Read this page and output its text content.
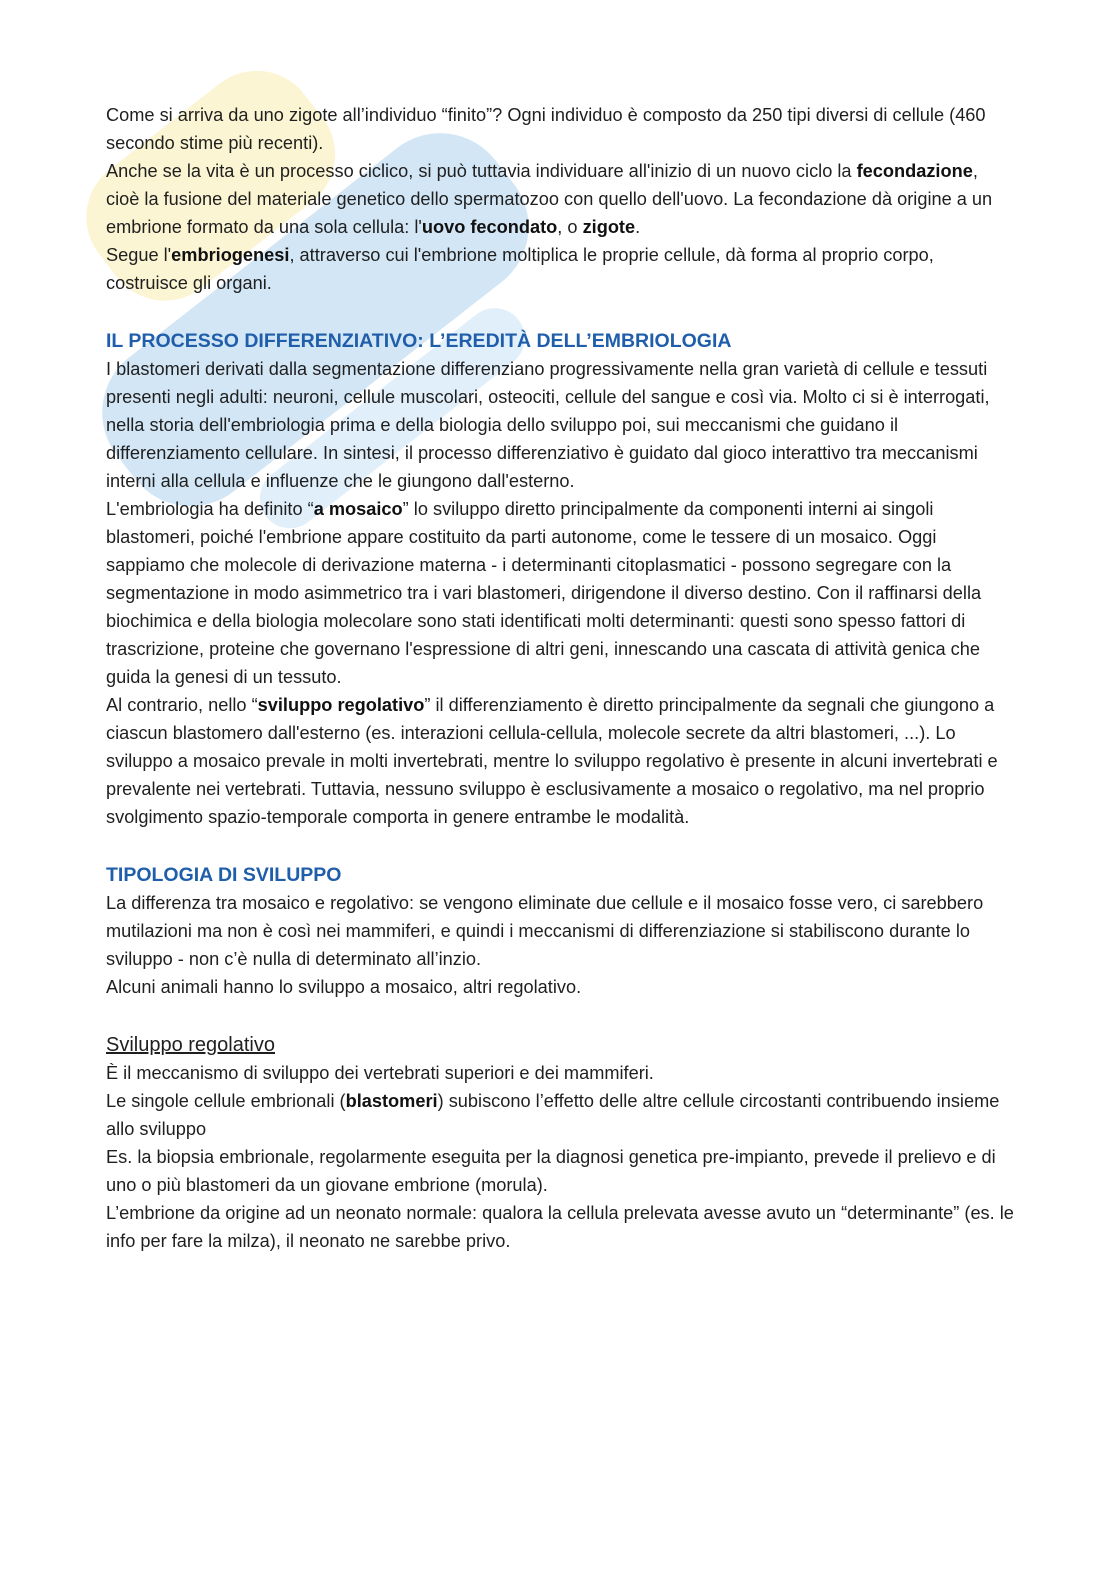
Come si arriva da uno zigote all’individuo “finito”? Ogni individuo è composto da 250 tipi diversi di cellule (460 secondo stime più recenti).

Anche se la vita è un processo ciclico, si può tuttavia individuare all'inizio di un nuovo ciclo la fecondazione, cioè la fusione del materiale genetico dello spermatozoo con quello dell'uovo. La fecondazione dà origine a un embrione formato da una sola cellula: l'uovo fecondato, o zigote.

Segue l'embriogenesi, attraverso cui l'embrione moltiplica le proprie cellule, dà forma al proprio corpo, costruisce gli organi.

IL PROCESSO DIFFERENZIATIVO: L’EREDITÀ DELL’EMBRIOLOGIA

I blastomeri derivati dalla segmentazione differenziano progressivamente nella gran varietà di cellule e tessuti presenti negli adulti: neuroni, cellule muscolari, osteociti, cellule del sangue e così via. Molto ci si è interrogati, nella storia dell'embriologia prima e della biologia dello sviluppo poi, sui meccanismi che guidano il differenziamento cellulare. In sintesi, il processo differenziativo è guidato dal gioco interattivo tra meccanismi interni alla cellula e influenze che le giungono dall'esterno.

L'embriologia ha definito “a mosaico” lo sviluppo diretto principalmente da componenti interni ai singoli blastomeri, poiché l'embrione appare costituito da parti autonome, come le tessere di un mosaico. Oggi sappiamo che molecole di derivazione materna - i determinanti citoplasmatici - possono segregare con la segmentazione in modo asimmetrico tra i vari blastomeri, dirigendone il diverso destino. Con il raffinarsi della biochimica e della biologia molecolare sono stati identificati molti determinanti: questi sono spesso fattori di trascrizione, proteine che governano l'espressione di altri geni, innescando una cascata di attività genica che guida la genesi di un tessuto.

Al contrario, nello “sviluppo regolativo” il differenziamento è diretto principalmente da segnali che giungono a ciascun blastomero dall'esterno (es. interazioni cellula-cellula, molecole secrete da altri blastomeri, ...). Lo sviluppo a mosaico prevale in molti invertebrati, mentre lo sviluppo regolativo è presente in alcuni invertebrati e prevalente nei vertebrati. Tuttavia, nessuno sviluppo è esclusivamente a mosaico o regolativo, ma nel proprio svolgimento spazio-temporale comporta in genere entrambe le modalità.

TIPOLOGIA DI SVILUPPO

La differenza tra mosaico e regolativo: se vengono eliminate due cellule e il mosaico fosse vero, ci sarebbero mutilazioni ma non è così nei mammiferi, e quindi i meccanismi di differenziazione si stabiliscono durante lo sviluppo - non c’è nulla di determinato all’inzio.

Alcuni animali hanno lo sviluppo a mosaico, altri regolativo.

Sviluppo regolativo

È il meccanismo di sviluppo dei vertebrati superiori e dei mammiferi.

Le singole cellule embrionali (blastomeri) subiscono l’effetto delle altre cellule circostanti contribuendo insieme allo sviluppo

Es. la biopsia embrionale, regolarmente eseguita per la diagnosi genetica pre-impianto, prevede il prelievo e di uno o più blastomeri da un giovane embrione (morula).

L’embrione da origine ad un neonato normale: qualora la cellula prelevata avesse avuto un “determinante” (es. le info per fare la milza), il neonato ne sarebbe privo.
